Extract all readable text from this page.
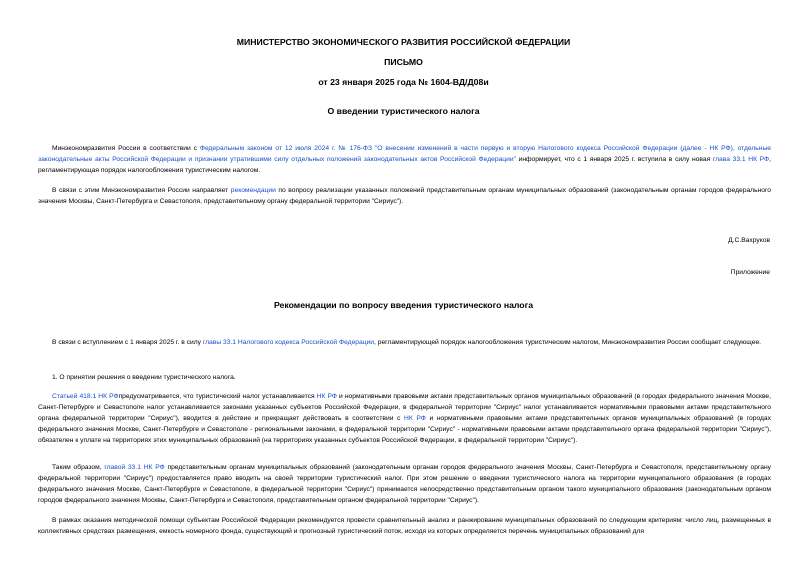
МИНИСТЕРСТВО ЭКОНОМИЧЕСКОГО РАЗВИТИЯ РОССИЙСКОЙ ФЕДЕРАЦИИ
ПИСЬМО
от 23 января 2025 года № 1604-ВД/Д08и
О введении туристического налога
Минэкономразвития России в соответствии с Федеральным законом от 12 июля 2024 г. № 176-ФЗ "О внесении изменений в части первую и вторую Налогового кодекса Российской Федерации (далее - НК РФ), отдельные законодательные акты Российской Федерации и признании утратившими силу отдельных положений законодательных актов Российской Федерации" информирует, что с 1 января 2025 г. вступила в силу новая глава 33.1 НК РФ, регламентирующая порядок налогообложения туристическим налогом.
В связи с этим Минэкономразвития России направляет рекомендации по вопросу реализации указанных положений представительным органам муниципальных образований (законодательным органам городов федерального значения Москвы, Санкт-Петербурга и Севастополя, представительному органу федеральной территории "Сириус").
Д.С.Вахруков
Приложение
Рекомендации по вопросу введения туристического налога
В связи с вступлением с 1 января 2025 г. в силу главы 33.1 Налогового кодекса Российской Федерации, регламентирующей порядок налогообложения туристическим налогом, Минэкономразвития России сообщает следующее.
1. О принятии решения о введении туристического налога.
Статьей 418.1 НК РФпредусматривается, что туристический налог устанавливается НК РФ и нормативными правовыми актами представительных органов муниципальных образований (в городах федерального значения Москве, Санкт-Петербурге и Севастополе налог устанавливается законами указанных субъектов Российской Федерации, в федеральной территории "Сириус" налог устанавливается нормативными правовыми актами представительного органа федеральной территории "Сириус"), вводится в действие и прекращает действовать в соответствии с НК РФ и нормативными правовыми актами представительных органов муниципальных образований (в городах федерального значения Москве, Санкт-Петербурге и Севастополе - региональными законами, в федеральной территории "Сириус" - нормативными правовыми актами представительного органа федеральной территории "Сириус"), обязателен к уплате на территориях этих муниципальных образований (на территориях указанных субъектов Российской Федерации, в федеральной территории "Сириус").
Таким образом, главой 33.1 НК РФ представительным органам муниципальных образований (законодательным органам городов федерального значения Москвы, Санкт-Петербурга и Севастополя, представительному органу федеральной территории "Сириус") предоставляется право вводить на своей территории туристический налог. При этом решение о введении туристического налога на территории муниципального образования (в городах федерального значения Москве, Санкт-Петербурге и Севастополе, в федеральной территории "Сириус") принимается непосредственно представительным органом такого муниципального образования (законодательным органом городов федерального значения Москвы, Санкт-Петербурга и Севастополя, представительным органом федеральной территории "Сириус").
В рамках оказания методической помощи субъектам Российской Федерации рекомендуется провести сравнительный анализ и ранжирование муниципальных образований по следующим критериям: число лиц, размещенных в коллективных средствах размещения, емкость номерного фонда, существующий и прогнозный туристический поток, исходя из которых определяется перечень муниципальных образований для
